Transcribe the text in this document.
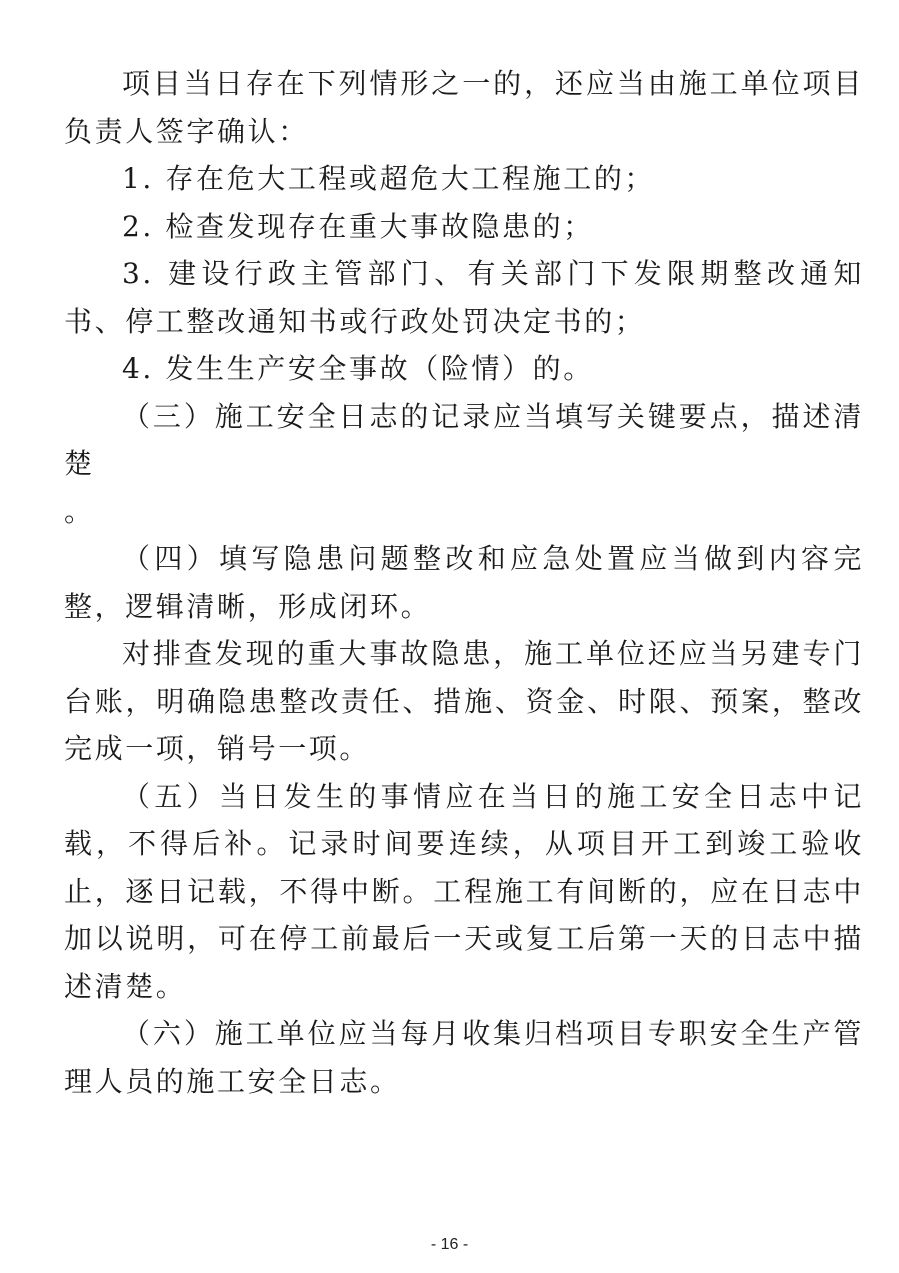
项目当日存在下列情形之一的，还应当由施工单位项目负责人签字确认：

1. 存在危大工程或超危大工程施工的；

2. 检查发现存在重大事故隐患的；

3. 建设行政主管部门、有关部门下发限期整改通知书、停工整改通知书或行政处罚决定书的；

4. 发生生产安全事故（险情）的。

（三）施工安全日志的记录应当填写关键要点，描述清楚

。

（四）填写隐患问题整改和应急处置应当做到内容完整，逻辑清晰，形成闭环。

对排查发现的重大事故隐患，施工单位还应当另建专门台账，明确隐患整改责任、措施、资金、时限、预案，整改完成一项，销号一项。

（五）当日发生的事情应在当日的施工安全日志中记载，不得后补。记录时间要连续，从项目开工到竣工验收止，逐日记载，不得中断。工程施工有间断的，应在日志中加以说明，可在停工前最后一天或复工后第一天的日志中描述清楚。

（六）施工单位应当每月收集归档项目专职安全生产管理人员的施工安全日志。

- 16 -
